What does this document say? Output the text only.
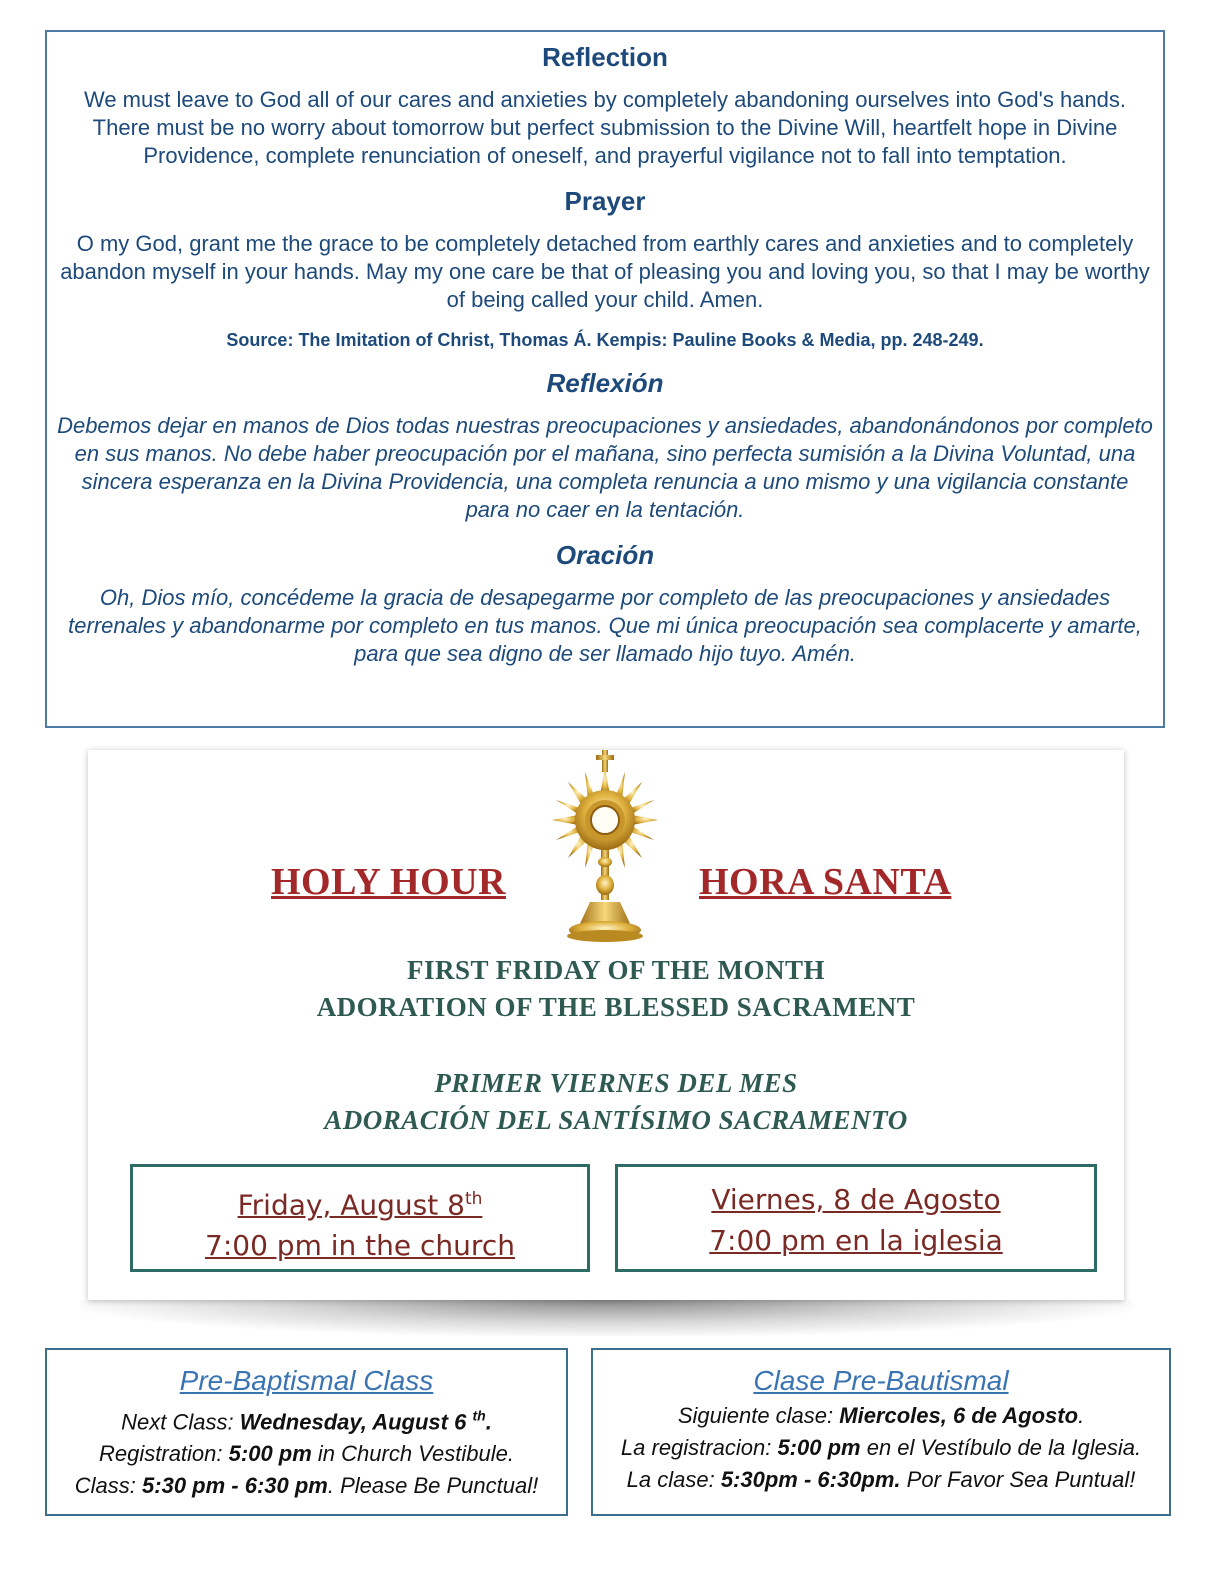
Reflection

We must leave to God all of our cares and anxieties by completely abandoning ourselves into God's hands. There must be no worry about tomorrow but perfect submission to the Divine Will, heartfelt hope in Divine Providence, complete renunciation of oneself, and prayerful vigilance not to fall into temptation.

Prayer

O my God, grant me the grace to be completely detached from earthly cares and anxieties and to completely abandon myself in your hands. May my one care be that of pleasing you and loving you, so that I may be worthy of being called your child. Amen.

Source: The Imitation of Christ, Thomas Á. Kempis: Pauline Books & Media, pp. 248-249.

Reflexión

Debemos dejar en manos de Dios todas nuestras preocupaciones y ansiedades, abandonándonos por completo en sus manos. No debe haber preocupación por el mañana, sino perfecta sumisión a la Divina Voluntad, una sincera esperanza en la Divina Providencia, una completa renuncia a uno mismo y una vigilancia constante para no caer en la tentación.

Oración

Oh, Dios mío, concédeme la gracia de desapegarme por completo de las preocupaciones y ansiedades terrenales y abandonarme por completo en tus manos. Que mi única preocupación sea complacerte y amarte, para que sea digno de ser llamado hijo tuyo. Amén.

HOLY HOUR	HORA SANTA
FIRST FRIDAY OF THE MONTH
ADORATION OF THE BLESSED SACRAMENT
PRIMER VIERNES DEL MES
ADORACIÓN DEL SANTÍSIMO SACRAMENTO
Friday, August 8th
7:00 pm in the church
Viernes, 8 de Agosto
7:00 pm en la iglesia
Pre-Baptismal Class
Next Class: Wednesday, August 6 $^{th}$.
Registration: 5:00 pm in Church Vestibule.
Class: 5:30 pm - 6:30 pm. Please Be Punctual!
Clase Pre-Bautismal
Siguiente clase: Miercoles, 6 de Agosto.
La registracion: 5:00 pm en el Vestíbulo de la Iglesia.
La clase: 5:30pm - 6:30pm. Por Favor Sea Puntual!
